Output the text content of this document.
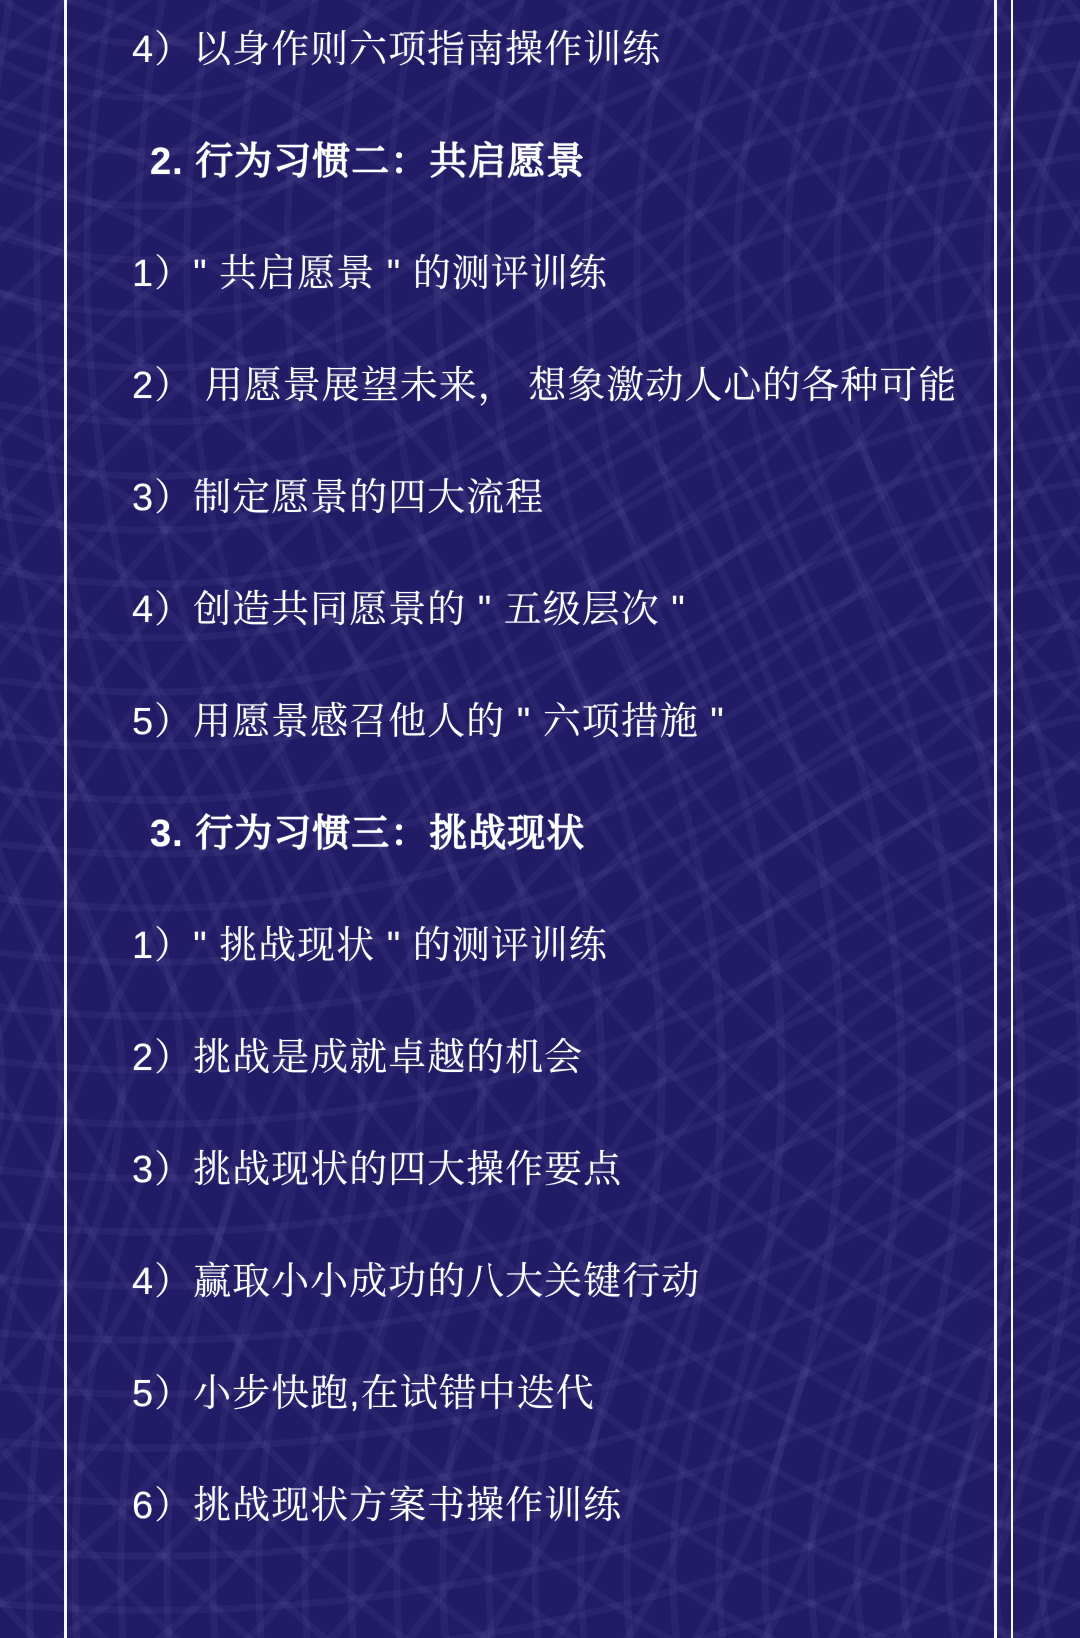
4）以身作则六项指南操作训练
2. 行为习惯二：共启愿景
1）" 共启愿景 " 的测评训练
2） 用愿景展望未来， 想象激动人心的各种可能
3）制定愿景的四大流程
4）创造共同愿景的 " 五级层次 "
5）用愿景感召他人的 " 六项措施 "
3. 行为习惯三：挑战现状
1）" 挑战现状 " 的测评训练
2）挑战是成就卓越的机会
3）挑战现状的四大操作要点
4）赢取小小成功的八大关键行动
5）小步快跑,在试错中迭代
6）挑战现状方案书操作训练
